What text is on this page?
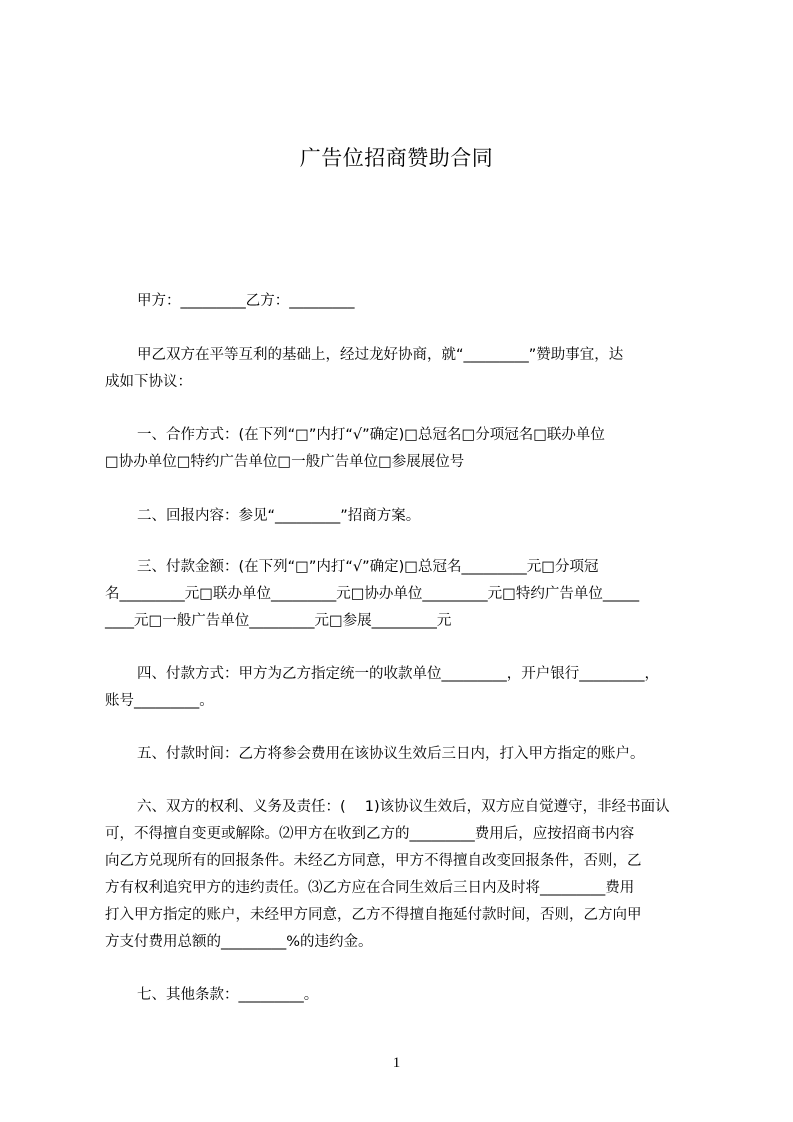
广告位招商赞助合同
甲方：_________乙方：_________
甲乙双方在平等互利的基础上，经过龙好协商，就“_________”赞助事宜，达
成如下协议：
一、合作方式：(在下列“□”内打“√”确定)□总冠名□分项冠名□联办单位
□协办单位□特约广告单位□一般广告单位□参展展位号
二、回报内容：参见“_________”招商方案。
三、付款金额：(在下列“□”内打“√”确定)□总冠名_________元□分项冠
名_________元□联办单位_________元□协办单位_________元□特约广告单位_____
____元□一般广告单位_________元□参展_________元
四、付款方式：甲方为乙方指定统一的收款单位_________，开户银行_________，
账号_________。
五、付款时间：乙方将参会费用在该协议生效后三日内，打入甲方指定的账户。
六、双方的权利、义务及责任：(　 1)该协议生效后，双方应自觉遵守，非经书面认
可，不得擅自变更或解除。⑵甲方在收到乙方的_________费用后，应按招商书内容
向乙方兑现所有的回报条件。未经乙方同意，甲方不得擅自改变回报条件，否则，乙
方有权利追究甲方的违约责任。⑶乙方应在合同生效后三日内及时将_________费用
打入甲方指定的账户，未经甲方同意，乙方不得擅自拖延付款时间，否则，乙方向甲
方支付费用总额的_________%的违约金。
七、其他条款：_________。
1
